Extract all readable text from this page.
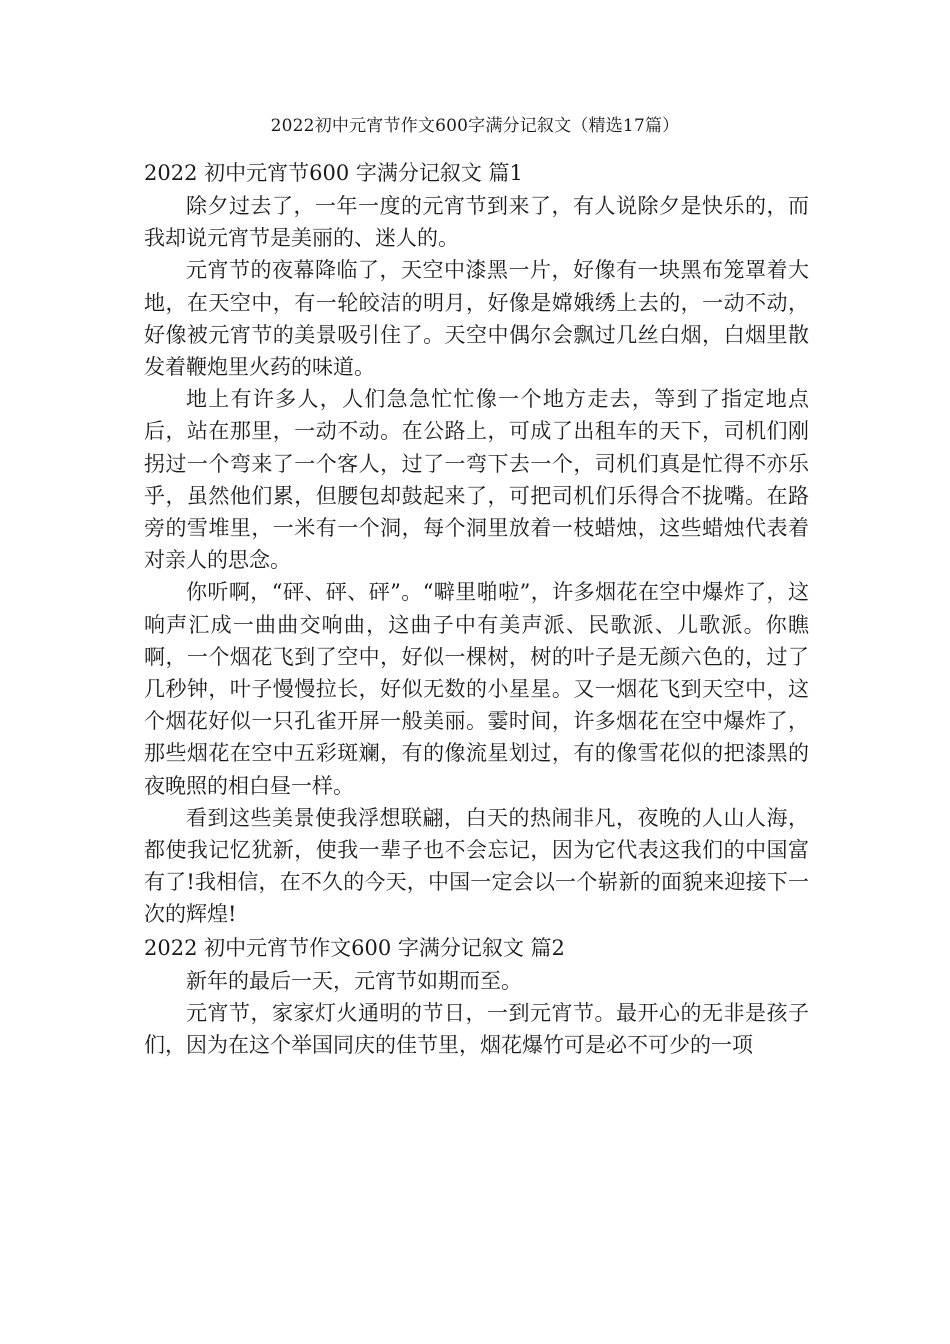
2022初中元宵节作文600字满分记叙文（精选17篇）

2022 初中元宵节600 字满分记叙文 篇1

除夕过去了，一年一度的元宵节到来了，有人说除夕是快乐的，而我却说元宵节是美丽的、迷人的。

元宵节的夜幕降临了，天空中漆黑一片，好像有一块黑布笼罩着大地，在天空中，有一轮皎洁的明月，好像是嫦娥绣上去的，一动不动，好像被元宵节的美景吸引住了。天空中偶尔会飘过几丝白烟，白烟里散发着鞭炮里火药的味道。

地上有许多人，人们急急忙忙像一个地方走去，等到了指定地点后，站在那里，一动不动。在公路上，可成了出租车的天下，司机们刚拐过一个弯来了一个客人，过了一弯下去一个，司机们真是忙得不亦乐乎，虽然他们累，但腰包却鼓起来了，可把司机们乐得合不拢嘴。在路旁的雪堆里，一米有一个洞，每个洞里放着一枝蜡烛，这些蜡烛代表着对亲人的思念。

你听啊，“砰、砰、砰”。“噼里啪啦”，许多烟花在空中爆炸了，这响声汇成一曲曲交响曲，这曲子中有美声派、民歌派、儿歌派。你瞧啊，一个烟花飞到了空中，好似一棵树，树的叶子是无颜六色的，过了几秒钟，叶子慢慢拉长，好似无数的小星星。又一烟花飞到天空中，这个烟花好似一只孔雀开屏一般美丽。霎时间，许多烟花在空中爆炸了，那些烟花在空中五彩斑斓，有的像流星划过，有的像雪花似的把漆黑的夜晚照的相白昼一样。

看到这些美景使我浮想联翩，白天的热闹非凡，夜晚的人山人海，都使我记忆犹新，使我一辈子也不会忘记，因为它代表这我们的中国富有了!我相信，在不久的今天，中国一定会以一个崭新的面貌来迎接下一次的辉煌!

2022 初中元宵节作文600 字满分记叙文 篇2

新年的最后一天，元宵节如期而至。

元宵节，家家灯火通明的节日，一到元宵节。最开心的无非是孩子们，因为在这个举国同庆的佳节里，烟花爆竹可是必不可少的一项
